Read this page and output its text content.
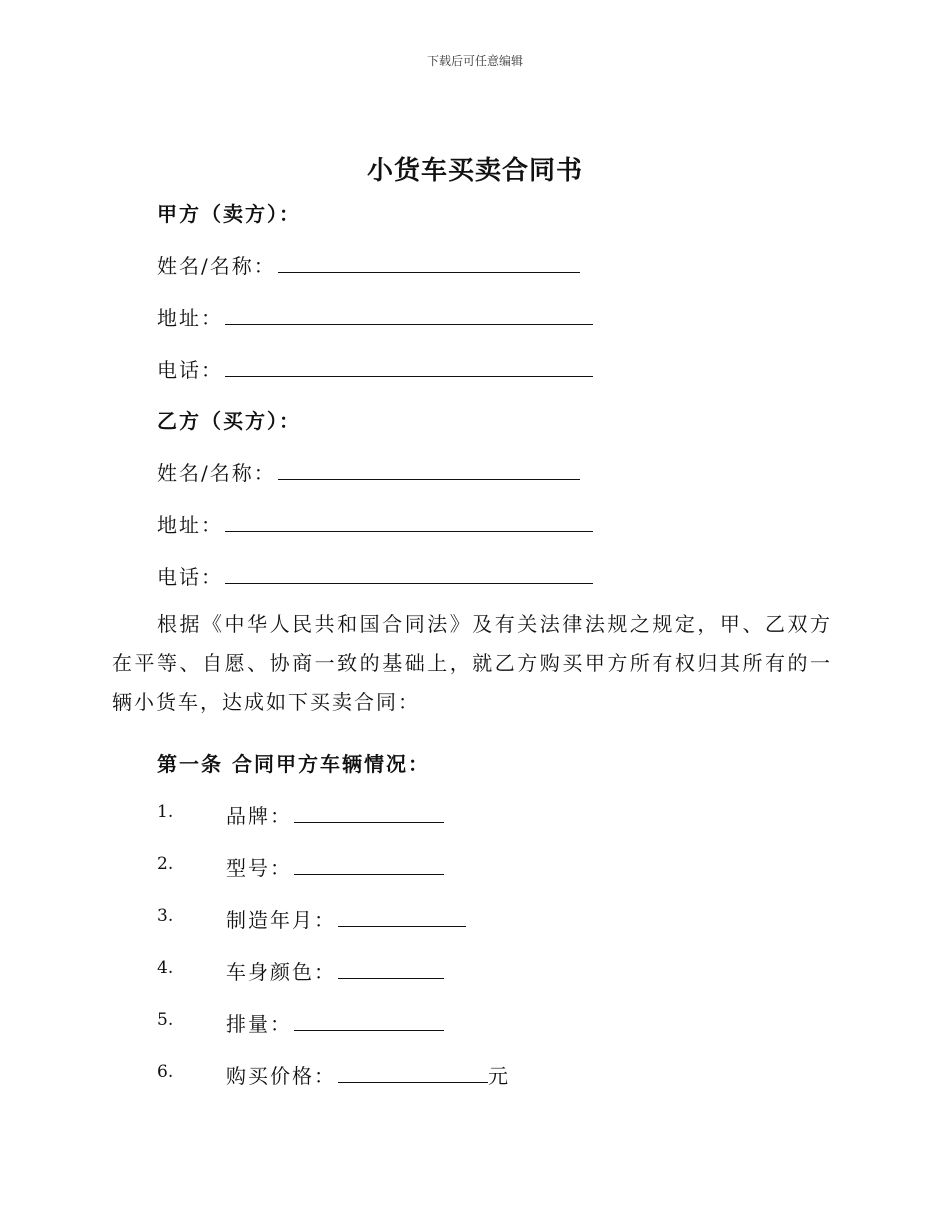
下载后可任意编辑
小货车买卖合同书
甲方（卖方）：
姓名/名称：
地址：
电话：
乙方（买方）：
姓名/名称：
地址：
电话：
根据《中华人民共和国合同法》及有关法律法规之规定，甲、乙双方在平等、自愿、协商一致的基础上，就乙方购买甲方所有权归其所有的一辆小货车，达成如下买卖合同：
第一条 合同甲方车辆情况：
1.	品牌：
2.	型号：
3.	制造年月：
4.	车身颜色：
5.	排量：
6.	购买价格：	元
